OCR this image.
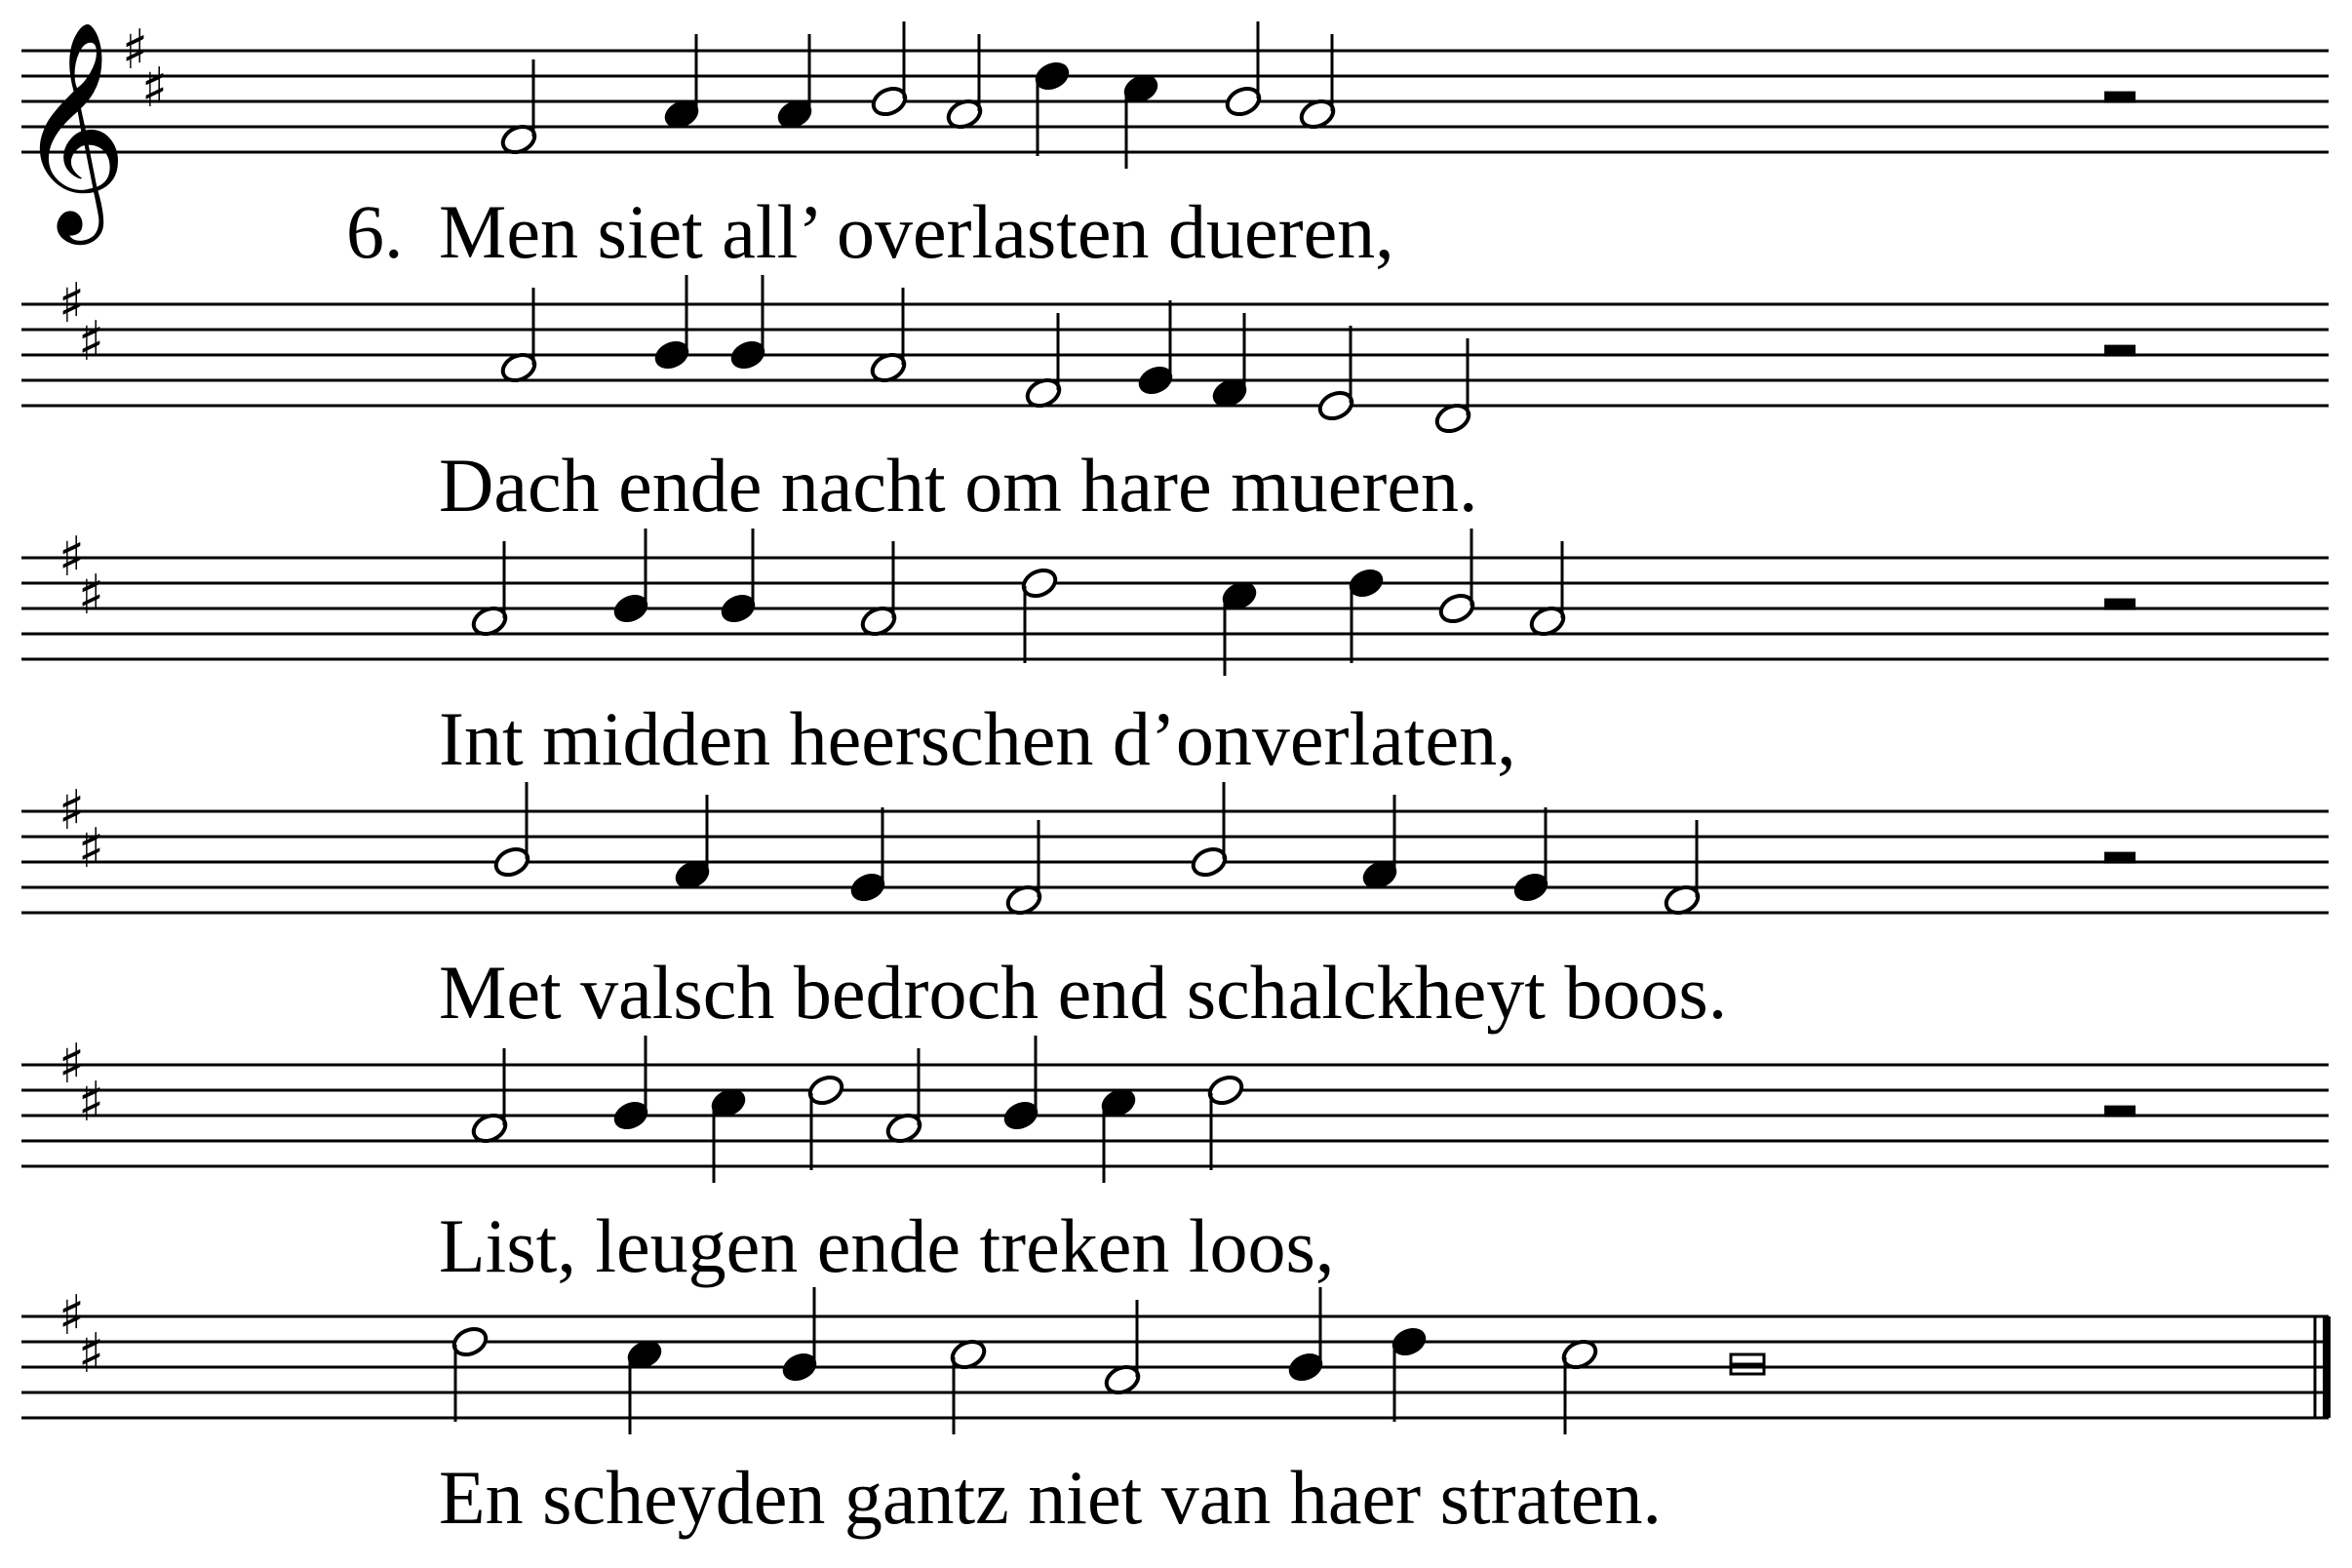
𝄞
♯
♯
6. Men siet all’ overlasten dueren,
♯
♯
Dach ende nacht om hare mueren.
♯
♯
Int midden heerschen d’onverlaten,
♯
♯
Met valsch bedroch end schalckheyt boos.
♯
♯
List, leugen ende treken loos,
♯
♯
En scheyden gantz niet van haer straten.
